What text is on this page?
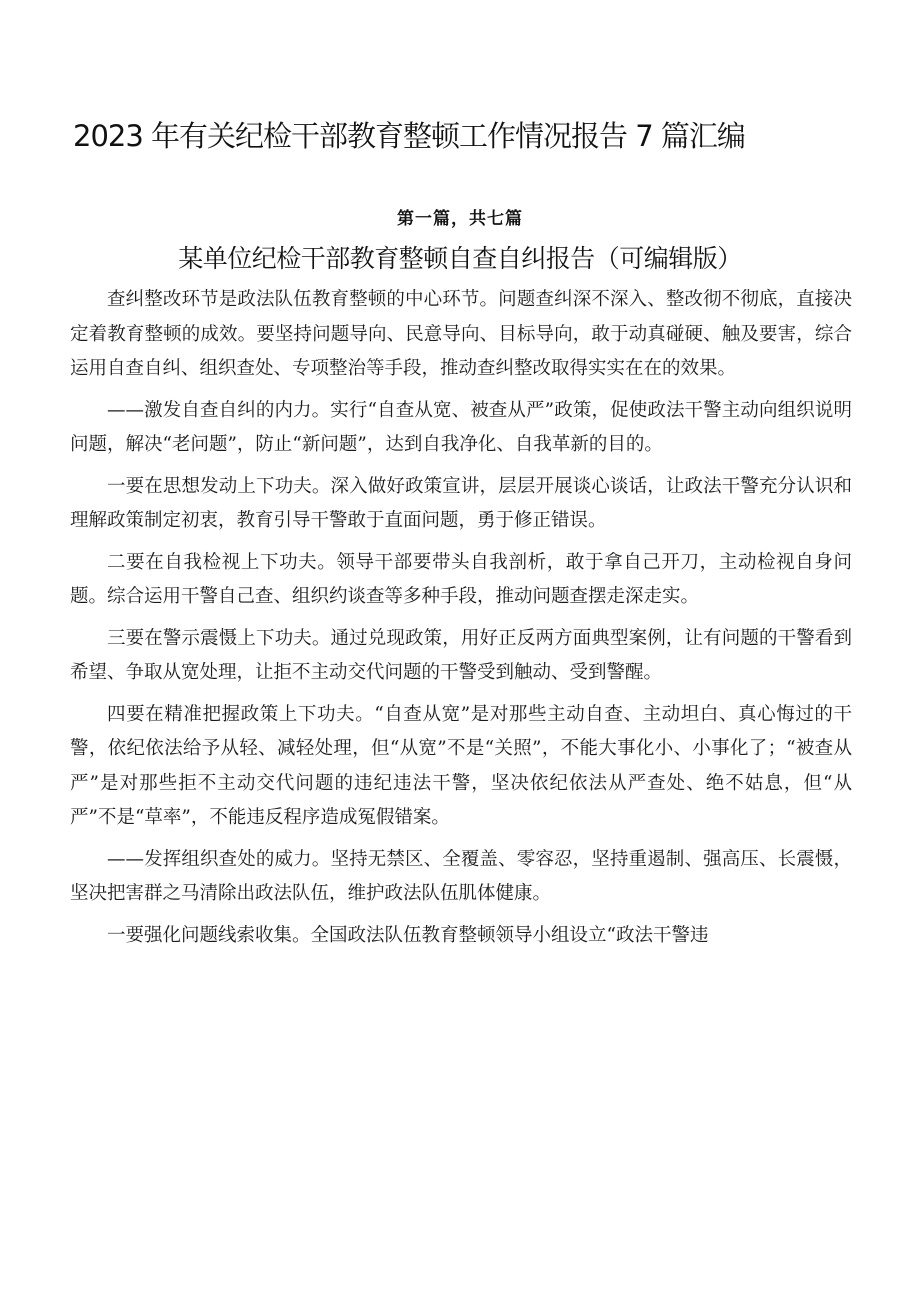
2023 年有关纪检干部教育整顿工作情况报告 7 篇汇编
第一篇，共七篇
某单位纪检干部教育整顿自查自纠报告（可编辑版）

查纠整改环节是政法队伍教育整顿的中心环节。问题查纠深不深入、整改彻不彻底，直接决定着教育整顿的成效。要坚持问题导向、民意导向、目标导向，敢于动真碰硬、触及要害，综合运用自查自纠、组织查处、专项整治等手段，推动查纠整改取得实实在在的效果。

——激发自查自纠的内力。实行“自查从宽、被查从严”政策，促使政法干警主动向组织说明问题，解决“老问题”，防止“新问题”，达到自我净化、自我革新的目的。

一要在思想发动上下功夫。深入做好政策宣讲，层层开展谈心谈话，让政法干警充分认识和理解政策制定初衷，教育引导干警敢于直面问题，勇于修正错误。

二要在自我检视上下功夫。领导干部要带头自我剖析，敢于拿自己开刀，主动检视自身问题。综合运用干警自己查、组织约谈查等多种手段，推动问题查摆走深走实。

三要在警示震慑上下功夫。通过兑现政策，用好正反两方面典型案例，让有问题的干警看到希望、争取从宽处理，让拒不主动交代问题的干警受到触动、受到警醒。

四要在精准把握政策上下功夫。“自查从宽”是对那些主动自查、主动坦白、真心悔过的干警，依纪依法给予从轻、减轻处理，但“从宽”不是“关照”，不能大事化小、小事化了；“被查从严”是对那些拒不主动交代问题的违纪违法干警，坚决依纪依法从严查处、绝不姑息，但“从严”不是“草率”，不能违反程序造成冤假错案。

——发挥组织查处的威力。坚持无禁区、全覆盖、零容忍，坚持重遏制、强高压、长震慑，坚决把害群之马清除出政法队伍，维护政法队伍肌体健康。

一要强化问题线索收集。全国政法队伍教育整顿领导小组设立“政法干警违
